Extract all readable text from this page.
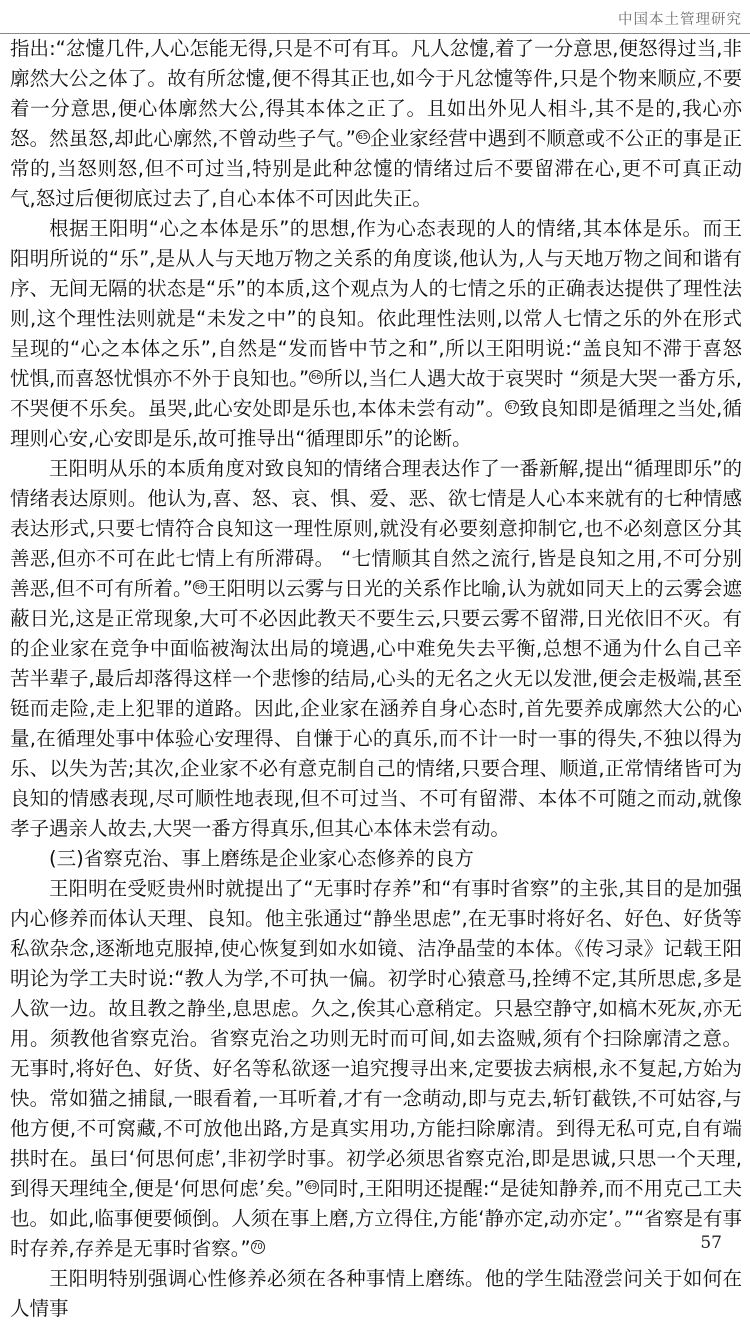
中国本土管理研究

指出:“忿懥几件,人心怎能无得,只是不可有耳。凡人忿懥,着了一分意思,便怒得过当,非廓然大公之体了。故有所忿懥,便不得其正也,如今于凡忿懥等件,只是个物来顺应,不要着一分意思,便心体廓然大公,得其本体之正了。且如出外见人相斗,其不是的,我心亦怒。然虽怒,却此心廓然,不曾动些子气。” 65企业家经营中遇到不顺意或不公正的事是正常的,当怒则怒,但不可过当,特别是此种忿懥的情绪过后不要留滞在心,更不可真正动气,怒过后便彻底过去了,自心本体不可因此失正。

根据王阳明“心之本体是乐”的思想,作为心态表现的人的情绪,其本体是乐。而王阳明所说的“乐”,是从人与天地万物之关系的角度谈,他认为,人与天地万物之间和谐有序、无间无隔的状态是“乐”的本质,这个观点为人的七情之乐的正确表达提供了理性法则,这个理性法则就是“未发之中”的良知。依此理性法则,以常人七情之乐的外在形式呈现的“心之本体之乐”,自然是“发而皆中节之和”,所以王阳明说:“盖良知不滞于喜怒忧惧,而喜怒忧惧亦不外于良知也。” 66所以,当仁人遇大故于哀哭时 “须是大哭一番方乐,不哭便不乐矣。虽哭,此心安处即是乐也,本体未尝有动”。 67致良知即是循理之当处,循理则心安,心安即是乐,故可推导出“循理即乐”的论断。

王阳明从乐的本质角度对致良知的情绪合理表达作了一番新解,提出“循理即乐”的情绪表达原则。他认为,喜、怒、哀、惧、爱、恶、欲七情是人心本来就有的七种情感表达形式,只要七情符合良知这一理性原则,就没有必要刻意抑制它,也不必刻意区分其善恶,但亦不可在此七情上有所滞碍。 “七情顺其自然之流行,皆是良知之用,不可分别善恶,但不可有所着。” 68王阳明以云雾与日光的关系作比喻,认为就如同天上的云雾会遮蔽日光,这是正常现象,大可不必因此教天不要生云,只要云雾不留滞,日光依旧不灭。有的企业家在竞争中面临被淘汰出局的境遇,心中难免失去平衡,总想不通为什么自己辛苦半辈子,最后却落得这样一个悲惨的结局,心头的无名之火无以发泄,便会走极端,甚至铤而走险,走上犯罪的道路。因此,企业家在涵养自身心态时,首先要养成廓然大公的心量,在循理处事中体验心安理得、自慊于心的真乐,而不计一时一事的得失,不独以得为乐、以失为苦;其次,企业家不必有意克制自己的情绪,只要合理、顺道,正常情绪皆可为良知的情感表现,尽可顺性地表现,但不可过当、不可有留滞、本体不可随之而动,就像孝子遇亲人故去,大哭一番方得真乐,但其心本体未尝有动。

(三)省察克治、事上磨练是企业家心态修养的良方

王阳明在受贬贵州时就提出了“无事时存养”和“有事时省察”的主张,其目的是加强内心修养而体认天理、良知。他主张通过“静坐思虑”,在无事时将好名、好色、好货等私欲杂念,逐渐地克服掉,使心恢复到如水如镜、洁净晶莹的本体。《传习录》记载王阳明论为学工夫时说:“教人为学,不可执一偏。初学时心猿意马,拴缚不定,其所思虑,多是人欲一边。故且教之静坐,息思虑。久之,俟其心意稍定。只悬空静守,如槁木死灰,亦无用。须教他省察克治。省察克治之功则无时而可间,如去盗贼,须有个扫除廓清之意。无事时,将好色、好货、好名等私欲逐一追究搜寻出来,定要拔去病根,永不复起,方始为快。常如猫之捕鼠,一眼看着,一耳听着,才有一念萌动,即与克去,斩钉截铁,不可姑容,与他方便,不可窝藏,不可放他出路,方是真实用功,方能扫除廓清。到得无私可克,自有端拱时在。虽曰‘何思何虑’,非初学时事。初学必须思省察克治,即是思诚,只思一个天理,到得天理纯全,便是‘何思何虑’矣。” 69同时,王阳明还提醒:“是徒知静养,而不用克己工夫也。如此,临事便要倾倒。人须在事上磨,方立得住,方能‘静亦定,动亦定’。”“省察是有事时存养,存养是无事时省察。” 70

王阳明特别强调心性修养必须在各种事情上磨练。他的学生陆澄尝问关于如何在人情事

57
